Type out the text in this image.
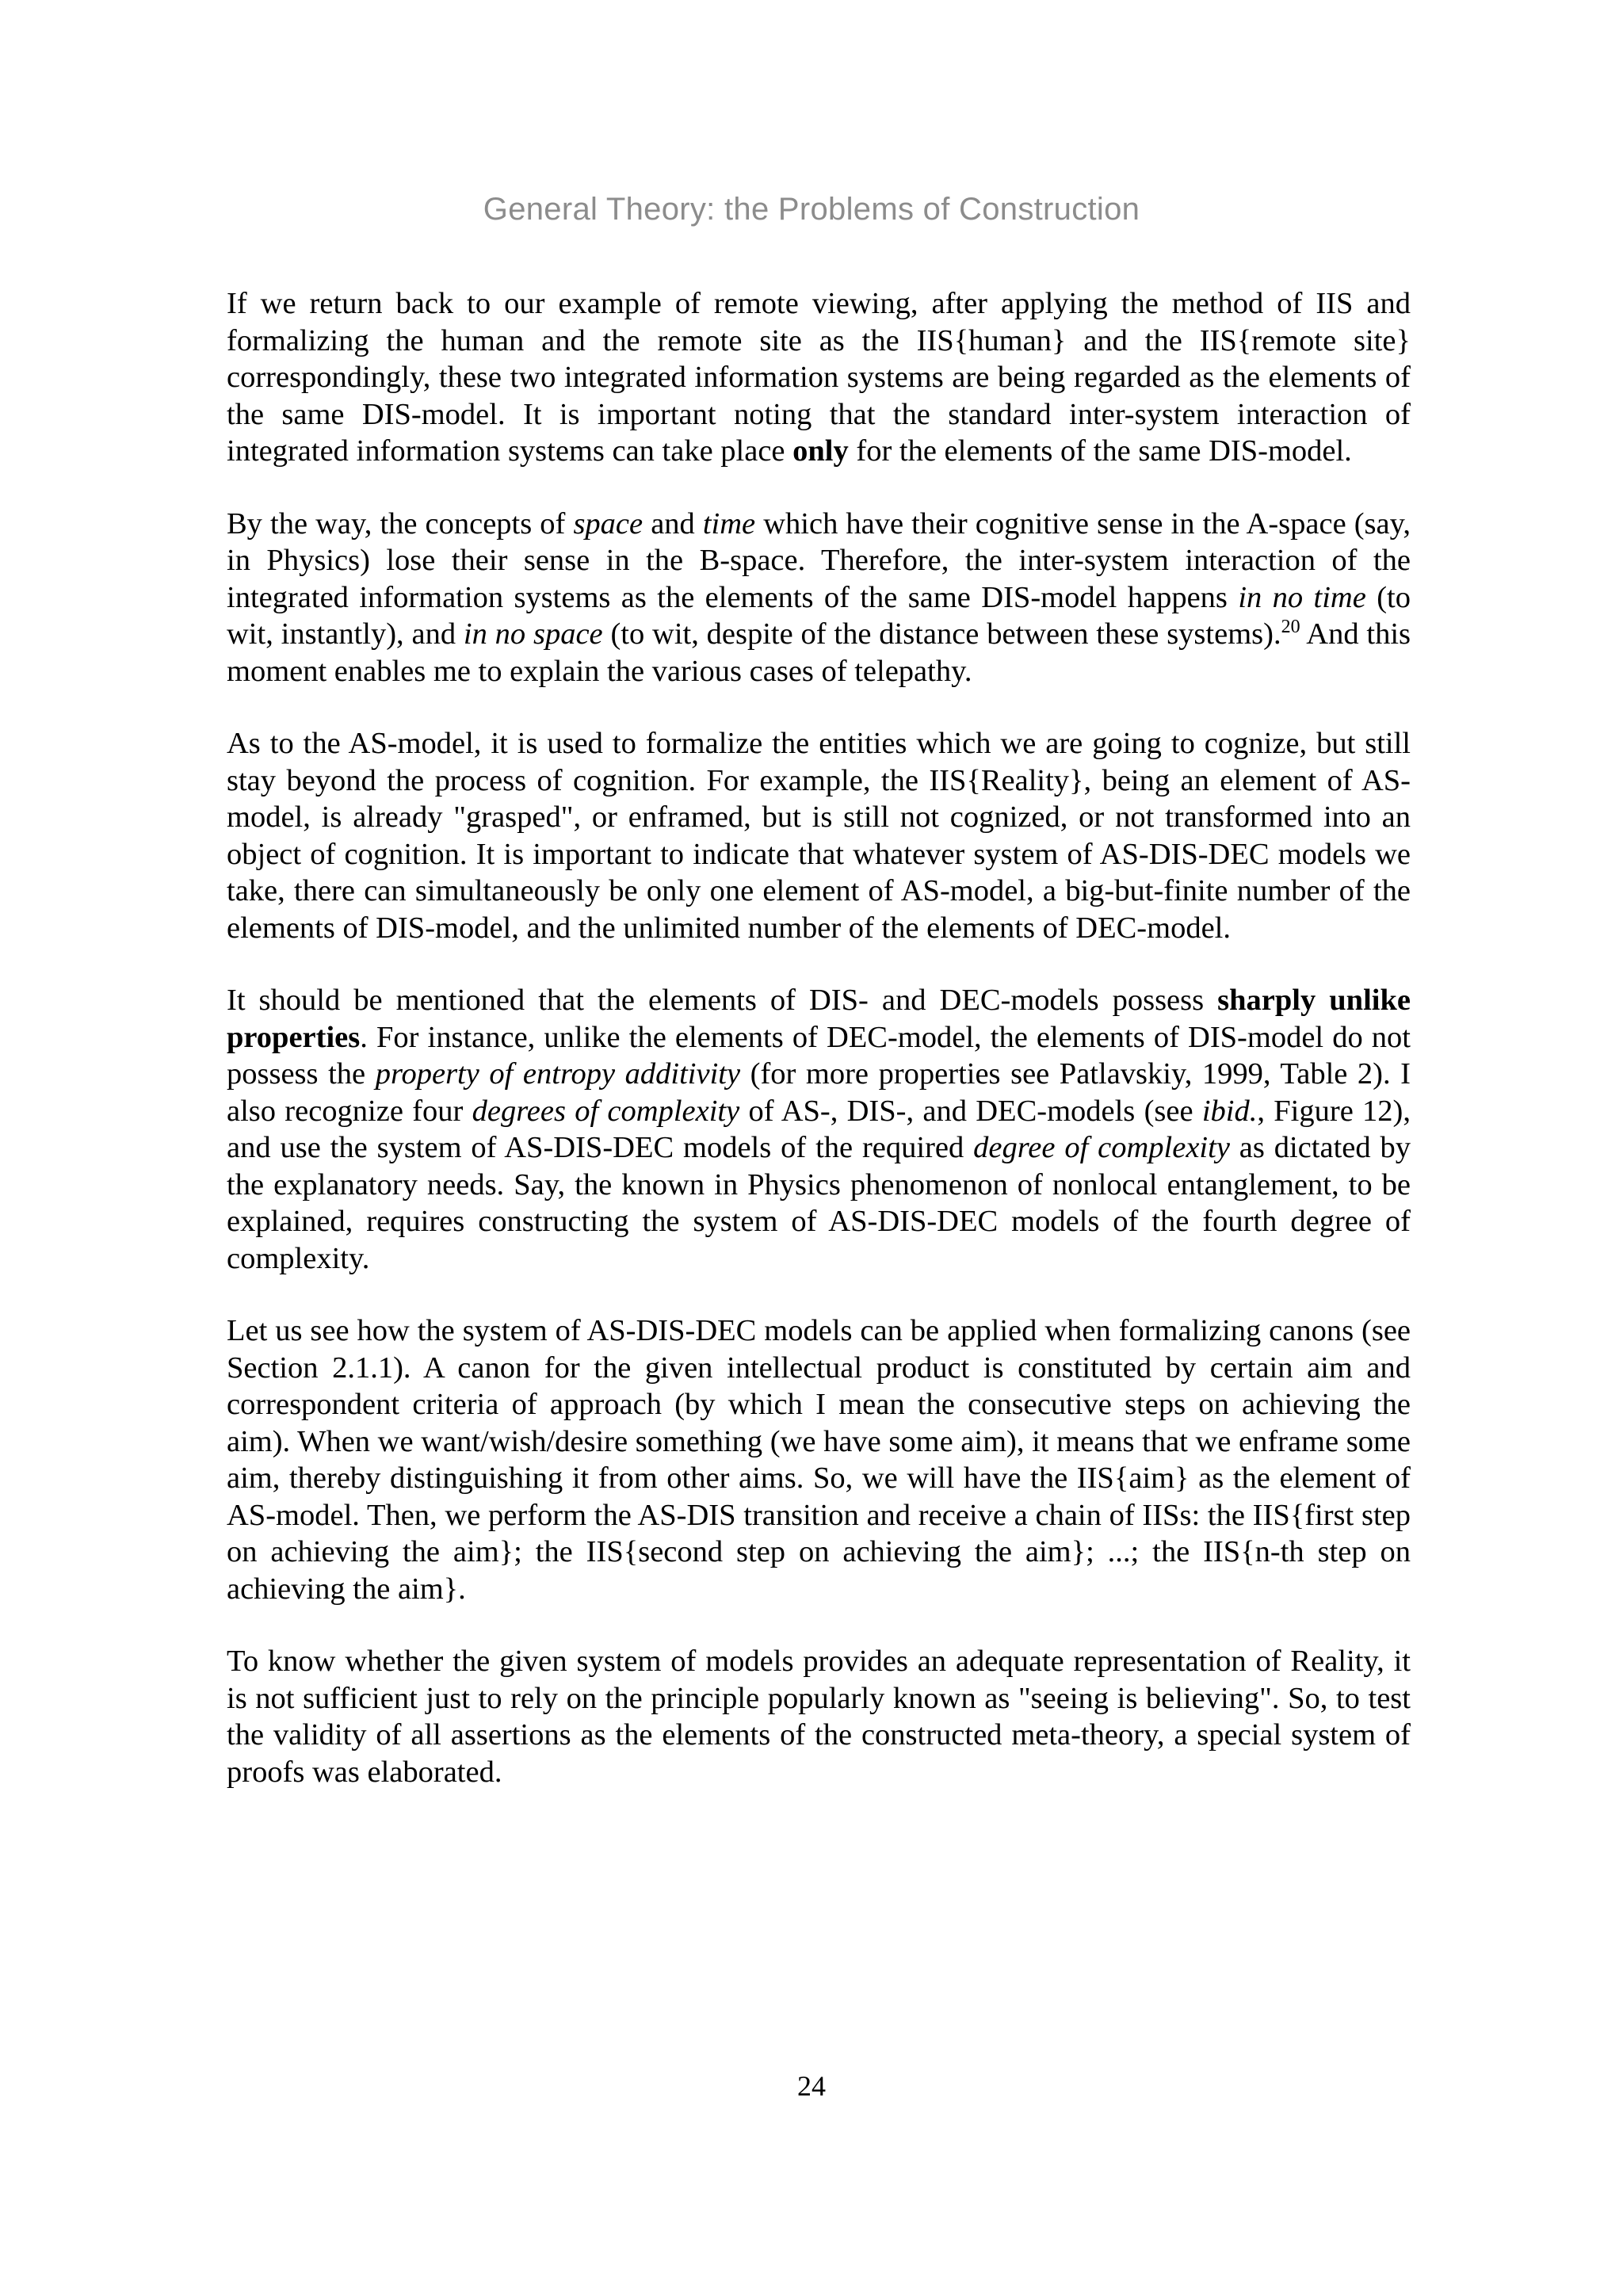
General Theory: the Problems of Construction

If we return back to our example of remote viewing, after applying the method of IIS and formalizing the human and the remote site as the IIS{human} and the IIS{remote site} correspondingly, these two integrated information systems are being regarded as the elements of the same DIS-model. It is important noting that the standard inter-system interaction of integrated information systems can take place only for the elements of the same DIS-model.

By the way, the concepts of space and time which have their cognitive sense in the A-space (say, in Physics) lose their sense in the B-space. Therefore, the inter-system interaction of the integrated information systems as the elements of the same DIS-model happens in no time (to wit, instantly), and in no space (to wit, despite of the distance between these systems).$^{20}$ And this moment enables me to explain the various cases of telepathy.

As to the AS-model, it is used to formalize the entities which we are going to cognize, but still stay beyond the process of cognition. For example, the IIS{Reality}, being an element of AS-model, is already "grasped", or enframed, but is still not cognized, or not transformed into an object of cognition. It is important to indicate that whatever system of AS-DIS-DEC models we take, there can simultaneously be only one element of AS-model, a big-but-finite number of the elements of DIS-model, and the unlimited number of the elements of DEC-model.

It should be mentioned that the elements of DIS- and DEC-models possess sharply unlike properties. For instance, unlike the elements of DEC-model, the elements of DIS-model do not possess the property of entropy additivity (for more properties see Patlavskiy, 1999, Table 2). I also recognize four degrees of complexity of AS-, DIS-, and DEC-models (see ibid., Figure 12), and use the system of AS-DIS-DEC models of the required degree of complexity as dictated by the explanatory needs. Say, the known in Physics phenomenon of nonlocal entanglement, to be explained, requires constructing the system of AS-DIS-DEC models of the fourth degree of complexity.

Let us see how the system of AS-DIS-DEC models can be applied when formalizing canons (see Section 2.1.1). A canon for the given intellectual product is constituted by certain aim and correspondent criteria of approach (by which I mean the consecutive steps on achieving the aim). When we want/wish/desire something (we have some aim), it means that we enframe some aim, thereby distinguishing it from other aims. So, we will have the IIS{aim} as the element of AS-model. Then, we perform the AS-DIS transition and receive a chain of IISs: the IIS{first step on achieving the aim}; the IIS{second step on achieving the aim}; ...; the IIS{n-th step on achieving the aim}.

To know whether the given system of models provides an adequate representation of Reality, it is not sufficient just to rely on the principle popularly known as "seeing is believing". So, to test the validity of all assertions as the elements of the constructed meta-theory, a special system of proofs was elaborated.

24
